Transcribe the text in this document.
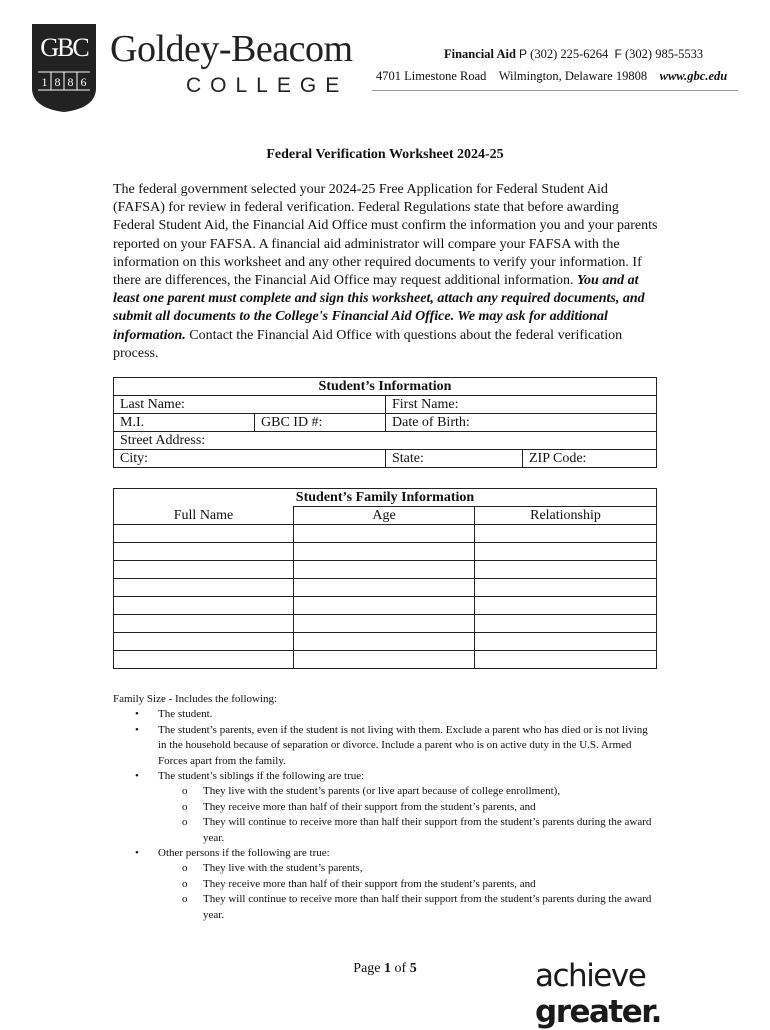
GBC
1 8 8 6
Goldey-Beacom
COLLEGE
Financial Aid P (302) 225-6264 F (302) 985-5533
4701 Limestone Road Wilmington, Delaware 19808 www.gbc.edu
Federal Verification Worksheet 2024-25
The federal government selected your 2024-25 Free Application for Federal Student Aid (FAFSA) for review in federal verification. Federal Regulations state that before awarding Federal Student Aid, the Financial Aid Office must confirm the information you and your parents reported on your FAFSA. A financial aid administrator will compare your FAFSA with the information on this worksheet and any other required documents to verify your information. If there are differences, the Financial Aid Office may request additional information. You and at least one parent must complete and sign this worksheet, attach any required documents, and submit all documents to the College's Financial Aid Office. We may ask for additional information. Contact the Financial Aid Office with questions about the federal verification process.
Student’s Information			
Last Name:		First Name:	
M.I.	GBC ID #:	Date of Birth:	
Street Address:			
City:		State:	ZIP Code:
Student’s Family Information		
Full Name	Age	Relationship

Family Size - Includes the following:
• The student.
• The student’s parents, even if the student is not living with them. Exclude a parent who has died or is not living in the household because of separation or divorce. Include a parent who is on active duty in the U.S. Armed Forces apart from the family.
• The student’s siblings if the following are true:
o They live with the student’s parents (or live apart because of college enrollment),
o They receive more than half of their support from the student’s parents, and
o They will continue to receive more than half their support from the student’s parents during the award year.
• Other persons if the following are true:
o They live with the student’s parents,
o They receive more than half of their support from the student’s parents, and
o They will continue to receive more than half their support from the student’s parents during the award year.
Page 1 of 5	achieve greater.
